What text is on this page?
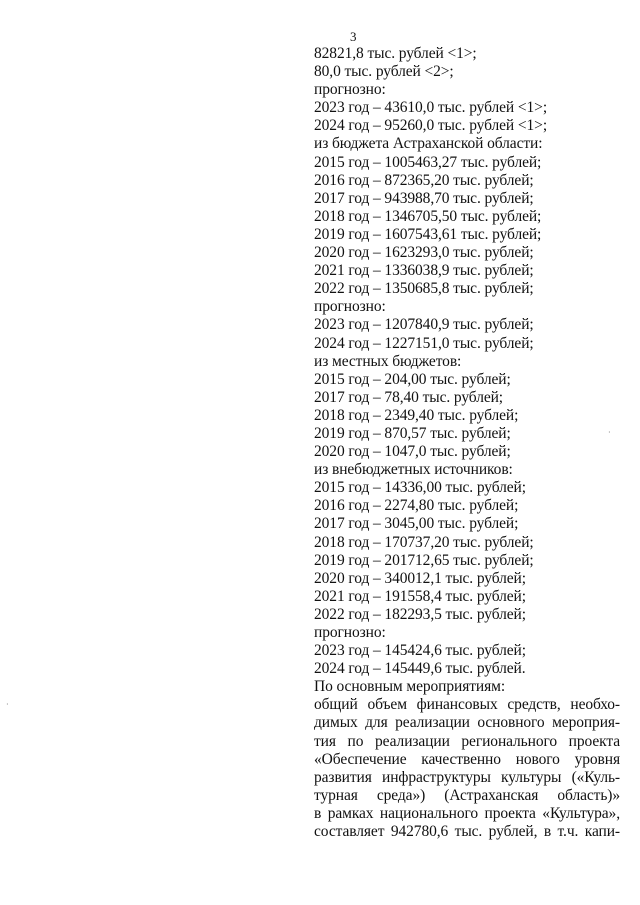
3
82821,8 тыс. рублей <1>;
80,0 тыс. рублей <2>;
прогнозно:
2023 год – 43610,0 тыс. рублей <1>;
2024 год – 95260,0 тыс. рублей <1>;
из бюджета Астраханской области:
2015 год – 1005463,27 тыс. рублей;
2016 год – 872365,20 тыс. рублей;
2017 год – 943988,70 тыс. рублей;
2018 год – 1346705,50 тыс. рублей;
2019 год – 1607543,61 тыс. рублей;
2020 год – 1623293,0 тыс. рублей;
2021 год – 1336038,9 тыс. рублей;
2022 год – 1350685,8 тыс. рублей;
прогнозно:
2023 год – 1207840,9 тыс. рублей;
2024 год – 1227151,0 тыс. рублей;
из местных бюджетов:
2015 год – 204,00 тыс. рублей;
2017 год – 78,40 тыс. рублей;
2018 год – 2349,40 тыс. рублей;
2019 год – 870,57 тыс. рублей;
2020 год – 1047,0 тыс. рублей;
из внебюджетных источников:
2015 год – 14336,00 тыс. рублей;
2016 год – 2274,80 тыс. рублей;
2017 год – 3045,00 тыс. рублей;
2018 год – 170737,20 тыс. рублей;
2019 год – 201712,65 тыс. рублей;
2020 год – 340012,1 тыс. рублей;
2021 год – 191558,4 тыс. рублей;
2022 год – 182293,5 тыс. рублей;
прогнозно:
2023 год – 145424,6 тыс. рублей;
2024 год – 145449,6 тыс. рублей.
По основным мероприятиям:
общий объем финансовых средств, необхо-
димых для реализации основного мероприя-
тия по реализации регионального проекта
«Обеспечение качественно нового уровня
развития инфраструктуры культуры («Куль-
турная среда») (Астраханская область)»
в рамках национального проекта «Культура»,
составляет 942780,6 тыс. рублей, в т.ч. капи-
·
·
